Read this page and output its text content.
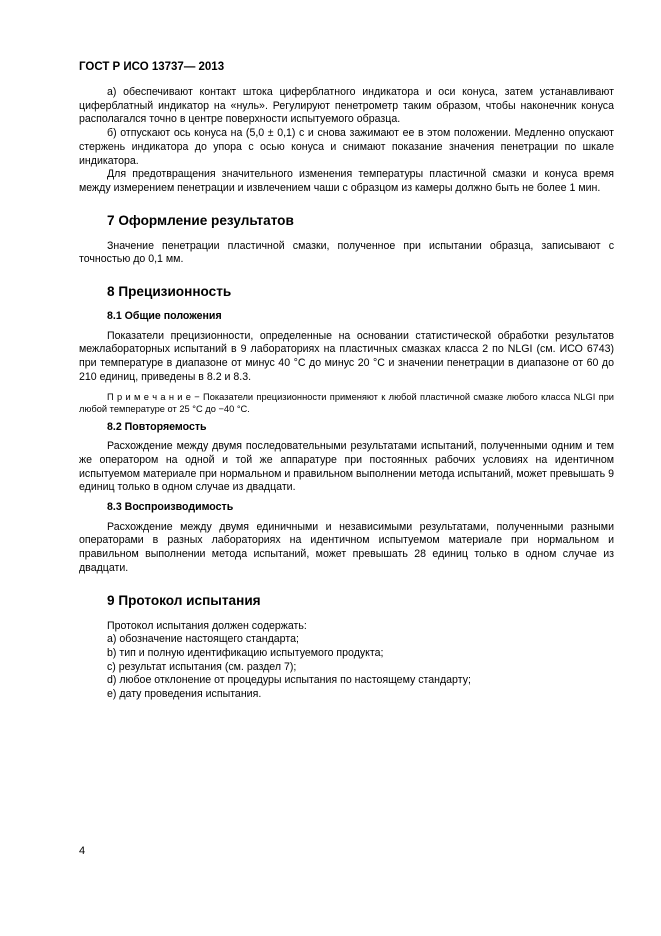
ГОСТ Р ИСО 13737— 2013

а) обеспечивают контакт штока циферблатного индикатора и оси конуса, затем устанавливают циферблатный индикатор на «нуль». Регулируют пенетрометр таким образом, чтобы наконечник конуса располагался точно в центре поверхности испытуемого образца.

б) отпускают ось конуса на (5,0 ± 0,1) с и снова зажимают ее в этом положении. Медленно опускают стержень индикатора до упора с осью конуса и снимают показание значения пенетрации по шкале индикатора.

Для предотвращения значительного изменения температуры пластичной смазки и конуса время между измерением пенетрации и извлечением чаши с образцом из камеры должно быть не более 1 мин.

7 Оформление результатов

Значение пенетрации пластичной смазки, полученное при испытании образца, записывают с точностью до 0,1 мм.

8 Прецизионность
8.1 Общие положения

Показатели прецизионности, определенные на основании статистической обработки результатов межлабораторных испытаний в 9 лабораториях на пластичных смазках класса 2 по NLGI (см. ИСО 6743) при температуре в диапазоне от минус 40 °С до минус 20 °С и значении пенетрации в диапазоне от 60 до 210 единиц, приведены в 8.2 и 8.3.

П р и м е ч а н и е − Показатели прецизионности применяют к любой пластичной смазке любого класса NLGI при любой температуре от 25 °С до −40 °С.

8.2 Повторяемость

Расхождение между двумя последовательными результатами испытаний, полученными одним и тем же оператором на одной и той же аппаратуре при постоянных рабочих условиях на идентичном испытуемом материале при нормальном и правильном выполнении метода испытаний, может превышать 9 единиц только в одном случае из двадцати.

8.3 Воспроизводимость

Расхождение между двумя единичными и независимыми результатами, полученными разными операторами в разных лабораториях на идентичном испытуемом материале при нормальном и правильном выполнении метода испытаний, может превышать 28 единиц только в одном случае из двадцати.

9 Протокол испытания
Протокол испытания должен содержать:
a) обозначение настоящего стандарта;
b) тип и полную идентификацию испытуемого продукта;
c) результат испытания (см. раздел 7);
d) любое отклонение от процедуры испытания по настоящему стандарту;
e) дату проведения испытания.
4
